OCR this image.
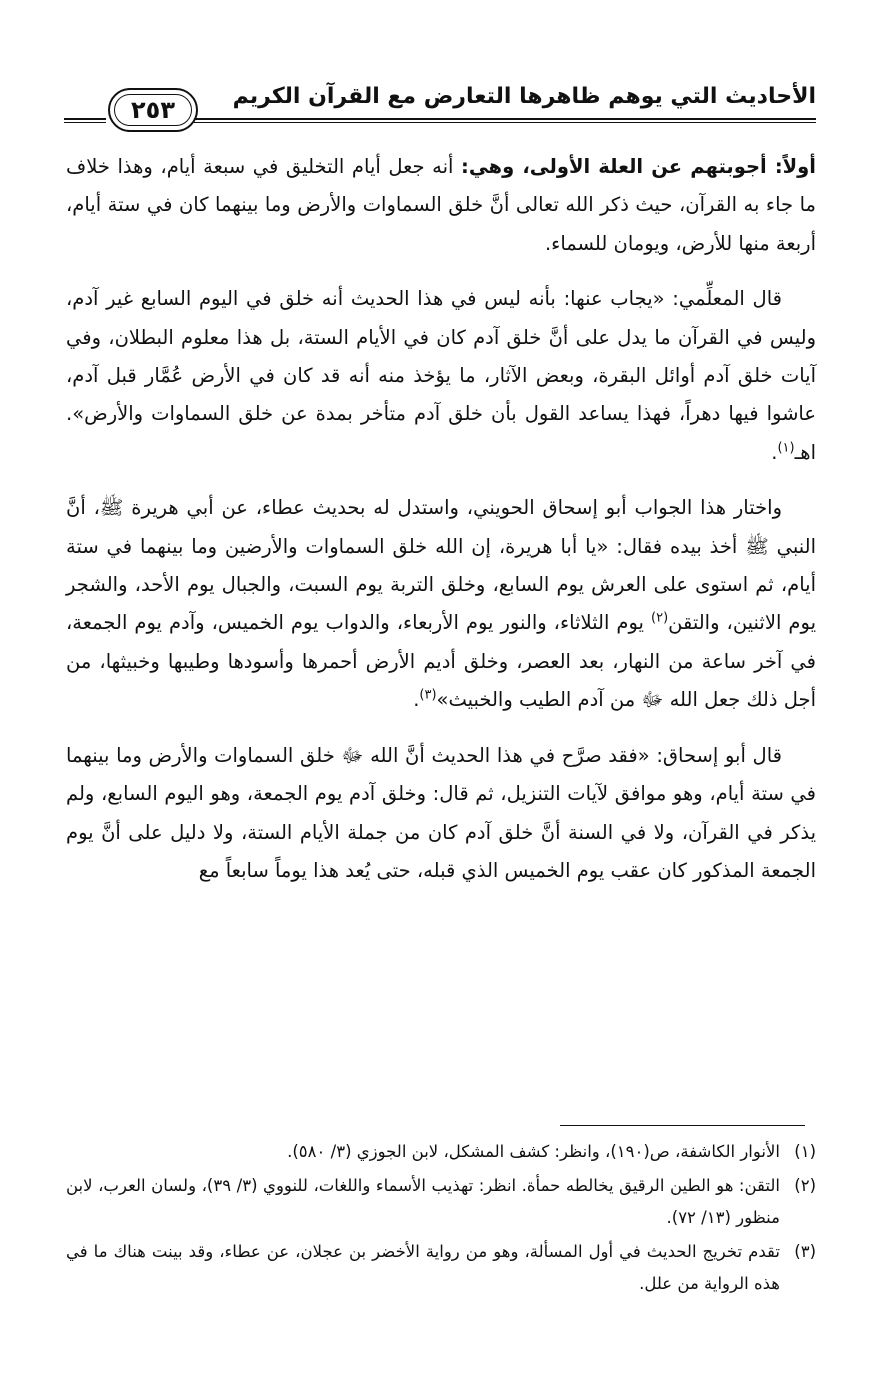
الأحاديث التي يوهم ظاهرها التعارض مع القرآن الكريم
٢٥٣

أولاً: أجوبتهم عن العلة الأولى، وهي: أنه جعل أيام التخليق في سبعة أيام، وهذا خلاف ما جاء به القرآن، حيث ذكر الله تعالى أنَّ خلق السماوات والأرض وما بينهما كان في ستة أيام، أربعة منها للأرض، ويومان للسماء.

قال المعلِّمي: «يجاب عنها: بأنه ليس في هذا الحديث أنه خلق في اليوم السابع غير آدم، وليس في القرآن ما يدل على أنَّ خلق آدم كان في الأيام الستة، بل هذا معلوم البطلان، وفي آيات خلق آدم أوائل البقرة، وبعض الآثار، ما يؤخذ منه أنه قد كان في الأرض عُمَّار قبل آدم، عاشوا فيها دهراً، فهذا يساعد القول بأن خلق آدم متأخر بمدة عن خلق السماوات والأرض». اهـ$^{(١)}$.

واختار هذا الجواب أبو إسحاق الحويني، واستدل له بحديث عطاء، عن أبي هريرة ﷺ، أنَّ النبي ﷺ أخذ بيده فقال: «يا أبا هريرة، إن الله خلق السماوات والأرضين وما بينهما في ستة أيام، ثم استوى على العرش يوم السابع، وخلق التربة يوم السبت، والجبال يوم الأحد، والشجر يوم الاثنين، والتقن$^{(٢)}$ يوم الثلاثاء، والنور يوم الأربعاء، والدواب يوم الخميس، وآدم يوم الجمعة، في آخر ساعة من النهار، بعد العصر، وخلق أديم الأرض أحمرها وأسودها وطيبها وخبيثها، من أجل ذلك جعل الله ﷻ من آدم الطيب والخبيث»$^{(٣)}$.

قال أبو إسحاق: «فقد صرَّح في هذا الحديث أنَّ الله ﷻ خلق السماوات والأرض وما بينهما في ستة أيام، وهو موافق لآيات التنزيل، ثم قال: وخلق آدم يوم الجمعة، وهو اليوم السابع، ولم يذكر في القرآن، ولا في السنة أنَّ خلق آدم كان من جملة الأيام الستة، ولا دليل على أنَّ يوم الجمعة المذكور كان عقب يوم الخميس الذي قبله، حتى يُعد هذا يوماً سابعاً مع

(١)
الأنوار الكاشفة، ص(١٩٠)، وانظر: كشف المشكل، لابن الجوزي (٣/ ٥٨٠).
(٢)
التقن: هو الطين الرقيق يخالطه حمأة. انظر: تهذيب الأسماء واللغات، للنووي (٣/ ٣٩)، ولسان العرب، لابن منظور (١٣/ ٧٢).
(٣)
تقدم تخريج الحديث في أول المسألة، وهو من رواية الأخضر بن عجلان، عن عطاء، وقد بينت هناك ما في هذه الرواية من علل.
